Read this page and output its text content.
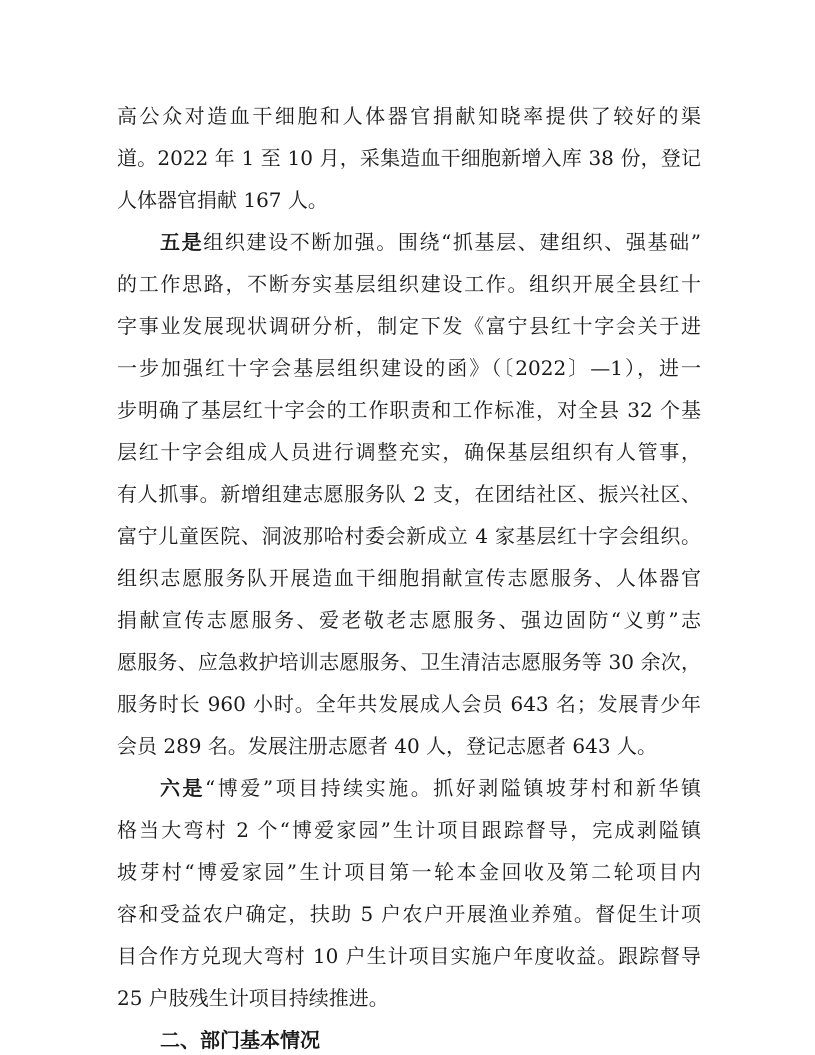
高公众对造血干细胞和人体器官捐献知晓率提供了较好的渠
道。2022 年 1 至 10 月，采集造血干细胞新增入库 38 份，登记
人体器官捐献 167 人。
五是组织建设不断加强。围绕“抓基层、建组织、强基础”
的工作思路，不断夯实基层组织建设工作。组织开展全县红十
字事业发展现状调研分析，制定下发《富宁县红十字会关于进
一步加强红十字会基层组织建设的函》（〔2022〕—1），进一
步明确了基层红十字会的工作职责和工作标准，对全县 32 个基
层红十字会组成人员进行调整充实，确保基层组织有人管事，
有人抓事。新增组建志愿服务队 2 支，在团结社区、振兴社区、
富宁儿童医院、洞波那哈村委会新成立 4 家基层红十字会组织。
组织志愿服务队开展造血干细胞捐献宣传志愿服务、人体器官
捐献宣传志愿服务、爱老敬老志愿服务、强边固防“义剪”志
愿服务、应急救护培训志愿服务、卫生清洁志愿服务等 30 余次，
服务时长 960 小时。全年共发展成人会员 643 名；发展青少年
会员 289 名。发展注册志愿者 40 人，登记志愿者 643 人。
六是“博爱”项目持续实施。抓好剥隘镇坡芽村和新华镇
格当大弯村 2 个“博爱家园”生计项目跟踪督导，完成剥隘镇
坡芽村“博爱家园”生计项目第一轮本金回收及第二轮项目内
容和受益农户确定，扶助 5 户农户开展渔业养殖。督促生计项
目合作方兑现大弯村 10 户生计项目实施户年度收益。跟踪督导
25 户肢残生计项目持续推进。
二、部门基本情况
